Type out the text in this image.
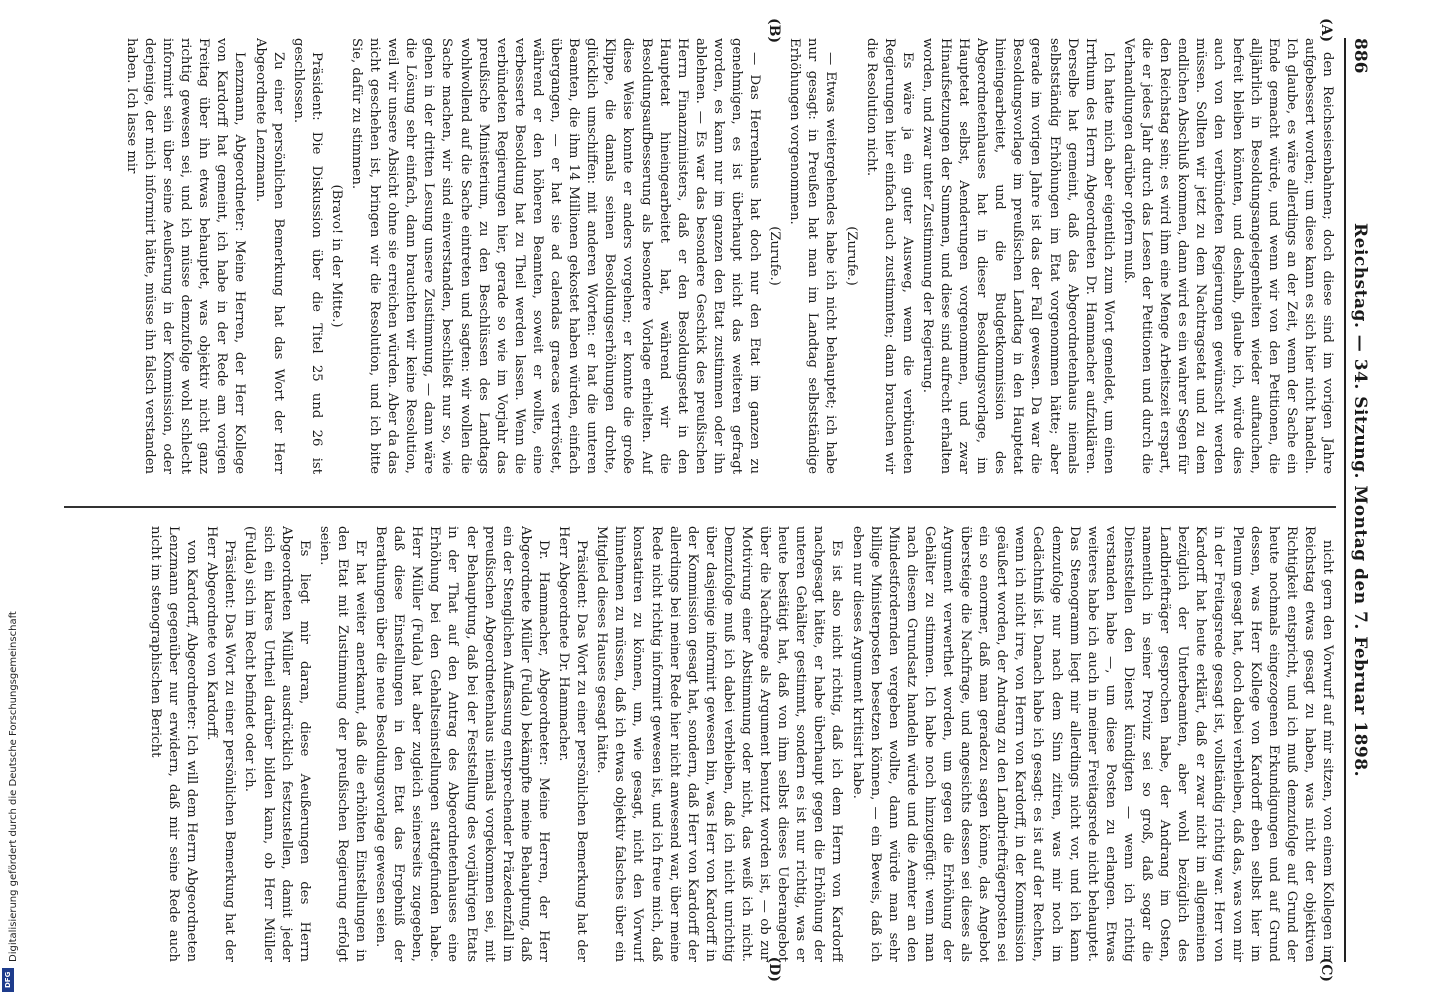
886
Reichstag. — 34. Sitzung. Montag den 7. Februar 1898.
(A)
(B)
(C)
(D)

den Reichseisenbahnen; doch diese sind im vorigen Jahre aufgebessert worden; um diese kann es sich hier nicht handeln. Ich glaube, es wäre allerdings an der Zeit, wenn der Sache ein Ende gemacht würde, und wenn wir von den Petitionen, die alljährlich in Besoldungsangelegenheiten wieder auftauchen, befreit bleiben könnten, und deshalb, glaube ich, würde dies auch von den verbündeten Regierungen gewünscht werden müssen. Sollten wir jetzt zu dem Nachtragsetat und zu dem endlichen Abschluß kommen, dann wird es ein wahrer Segen für den Reichstag sein; es wird ihm eine Menge Arbeitszeit erspart, die er jedes Jahr durch das Lesen der Petitionen und durch die Verhandlungen darüber opfern muß.

Ich hatte mich aber eigentlich zum Wort gemeldet, um einen Irrthum des Herrn Abgeordneten Dr. Hammacher aufzuklären. Derselbe hat gemeint, daß das Abgeordnetenhaus niemals selbstständig Erhöhungen im Etat vorgenommen hätte; aber gerade im vorigen Jahre ist das der Fall gewesen. Da war die Besoldungsvorlage im preußischen Landtag in den Hauptetat hineingearbeitet, und die Budgetkommission des Abgeordnetenhauses hat in dieser Besoldungsvorlage, im Hauptetat selbst, Aenderungen vorgenommen, und zwar Hinaufsetzungen der Summen, und diese sind aufrecht erhalten worden, und zwar unter Zustimmung der Regierung.

Es wäre ja ein guter Ausweg, wenn die verbündeten Regierungen hier einfach auch zustimmten; dann brauchen wir die Resolution nicht.

(Zurufe.)

— Etwas weitergehendes habe ich nicht behauptet; ich habe nur gesagt: in Preußen hat man im Landtag selbstständige Erhöhungen vorgenommen.

(Zurufe.)

— Das Herrenhaus hat doch nur den Etat im ganzen zu genehmigen, es ist überhaupt nicht das weiteren gefragt worden, es kann nur im ganzen den Etat zustimmen oder ihn ablehnen. — Es war das besondere Geschick des preußischen Herrn Finanzministers, daß er den Besoldungsetat in den Hauptetat hineingearbeitet hat, während wir die Besoldungsaufbesserung als besondere Vorlage erhielten. Auf diese Weise konnte er anders vorgehen; er konnte die große Klippe, die damals seinen Besoldungserhöhungen drohte, glücklich umschiffen: mit anderen Worten: er hat die unteren Beamten, die ihm 14 Millionen gekostet haben würden, einfach übergangen, — er hat sie ad calendas graecas vertröstet, während er den höheren Beamten, soweit er wollte, eine verbesserte Besoldung hat zu Theil werden lassen. Wenn die verbündeten Regierungen hier, gerade so wie im Vorjahr das preußische Ministerium, zu den Beschlüssen des Landtags wohlwollend auf die Sache eintreten und sagten: wir wollen die Sache machen, wir sind einverstanden, beschließt nur so, wie gehen in der dritten Lesung unsere Zustimmung, — dann wäre die Lösung sehr einfach, dann brauchten wir keine Resolution, weil wir unsere Absicht ohne sie erreichen würden. Aber da das nicht geschehen ist, bringen wir die Resolution, und ich bitte Sie, dafür zu stimmen.

(Bravo! in der Mitte.)

Präsident: Die Diskussion über die Titel 25 und 26 ist geschlossen.

Zu einer persönlichen Bemerkung hat das Wort der Herr Abgeordnete Lenzmann.

Lenzmann, Abgeordneter: Meine Herren, der Herr Kollege von Kardorff hat gemeint, ich habe in der Rede am vorigen Freitag über ihn etwas behauptet, was objektiv nicht ganz richtig gewesen sei, und ich müsse demzufolge wohl schlecht informirt sein über seine Aeußerung in der Kommission, oder derjenige, der mich informirt hätte, müsse ihn falsch verstanden haben. Ich lasse mir

nicht gern den Vorwurf auf mir sitzen, von einem Kollegen im Reichstag etwas gesagt zu haben, was nicht der objektiven Richtigkeit entspricht, und ich muß demzufolge auf Grund der heute nochmals eingezogenen Erkundigungen und auf Grund dessen, was Herr Kollege von Kardorff eben selbst hier im Plenum gesagt hat, doch dabei verbleiben, daß das, was von mir in der Freitagsrede gesagt ist, vollständig richtig war. Herr von Kardorff hat heute erklärt, daß er zwar nicht im allgemeinen bezüglich der Unterbeamten, aber wohl bezüglich des Landbriefträger gesprochen habe, der Andrang im Osten, namentlich in seiner Provinz sei so groß, daß sogar die Dienststellen den Dienst kündigten — wenn ich richtig verstanden habe —, um diese Posten zu erlangen. Etwas weiteres habe ich auch in meiner Freitagsrede nicht behauptet. Das Stenogramm liegt mir allerdings nicht vor, und ich kann demzufolge nur nach dem Sinn zitiren, was mir noch im Gedächtniß ist. Danach habe ich gesagt: es ist auf der Rechten, wenn ich nicht irre, von Herrn von Kardorff, in der Kommission geäußert worden, der Andrang zu den Landbriefträgerposten sei ein so enormer, daß man geradezu sagen könne, das Angebot übersteige die Nachfrage, und angesichts dessen sei dieses als Argument verwerthet worden, um gegen die Erhöhung der Gehälter zu stimmen. Ich habe noch hinzugefügt: wenn man nach diesem Grundsatz handeln würde und die Aemter an den Mindestfordernden vergeben wollte, dann würde man sehr billige Ministerposten besetzen können, — ein Beweis, daß ich eben nur dieses Argument kritisirt habe.

Es ist also nicht richtig, daß ich dem Herrn von Kardorff nachgesagt hätte, er habe überhaupt gegen die Erhöhung der unteren Gehälter gestimmt, sondern es ist nur richtig, was er heute bestätigt hat, daß von ihm selbst dieses Ueberangebot über die Nachfrage als Argument benutzt worden ist, — ob zur Motivirung einer Abstimmung oder nicht, das weiß ich nicht. Demzufolge muß ich dabei verbleiben, daß ich nicht unrichtig über dasjenige informirt gewesen bin, was Herr von Kardorff in der Kommission gesagt hat, sondern, daß Herr von Kardorff der allerdings bei meiner Rede hier nicht anwesend war, über meine Rede nicht richtig informirt gewesen ist, und ich freue mich, daß konstatiren zu können, um, wie gesagt, nicht den Vorwurf hinnehmen zu müssen, daß ich etwas objektiv falsches über ein Mitglied dieses Hauses gesagt hätte.

Präsident: Das Wort zu einer persönlichen Bemerkung hat der Herr Abgeordnete Dr. Hammacher.

Dr. Hammacher, Abgeordneter: Meine Herren, der Herr Abgeordnete Müller (Fulda) bekämpfte meine Behauptung, daß ein der Stenglichen Auffassung entsprechender Präzedenzfall im preußischen Abgeordnetenhaus niemals vorgekommen sei, mit der Behauptung, daß bei der Feststellung des vorjährigen Etats in der That auf den Antrag des Abgeordnetenhauses eine Erhöhung bei den Gehaltseinstellungen stattgefunden habe. Herr Müller (Fulda) hat aber zugleich seinerseits zugegeben, daß diese Einstellungen in den Etat das Ergebniß der Berathungen über die neue Besoldungsvorlage gewesen seien.

Er hat weiter anerkannt, daß die erhöhten Einstellungen in den Etat mit Zustimmung der preußischen Regierung erfolgt seien.

Es liegt mir daran, diese Aeußerungen des Herrn Abgeordneten Müller ausdrücklich festzustellen, damit jeder sich ein klares Urtheil darüber bilden kann, ob Herr Müller (Fulda) sich im Recht befindet oder ich.

Präsident: Das Wort zu einer persönlichen Bemerkung hat der Herr Abgeordnete von Kardorff.

von Kardorff, Abgeordneter: Ich will dem Herrn Abgeordneten Lenzmann gegenüber nur erwidern, daß mir seine Rede auch nicht im stenographischen Bericht

Digitalisierung gefördert durch die Deutsche Forschungsgemeinschaft
DFG
